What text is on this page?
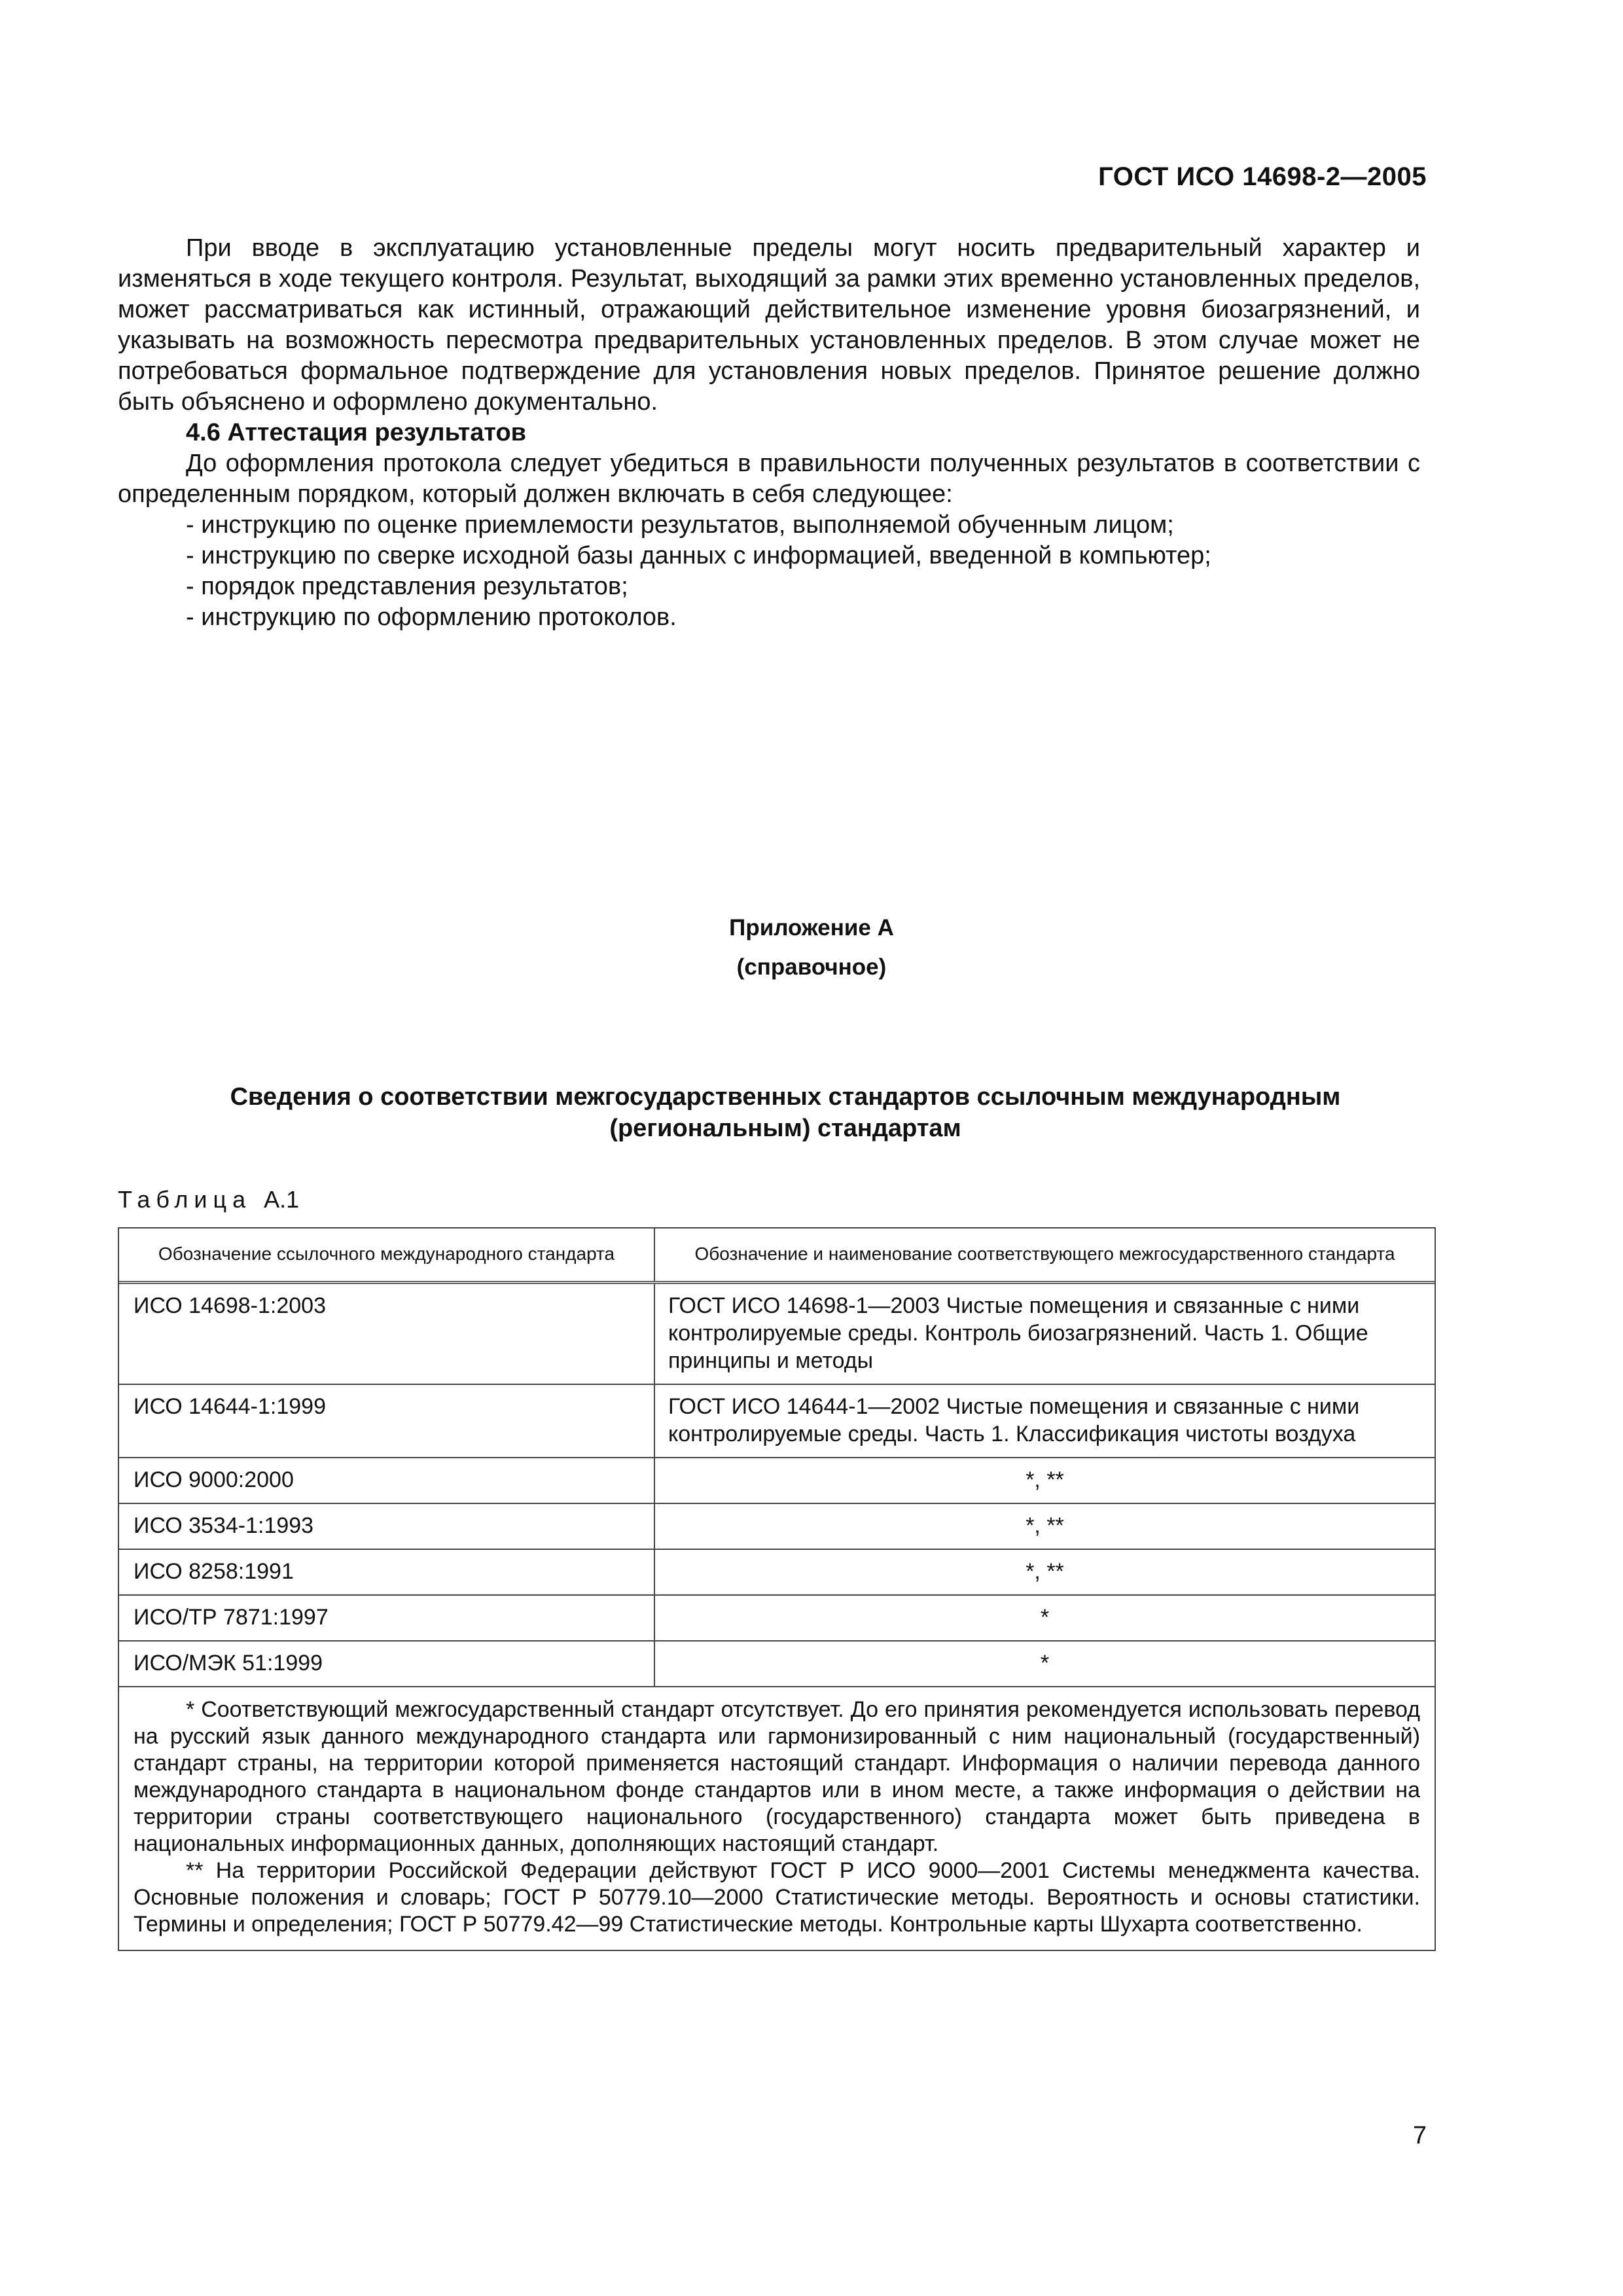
ГОСТ ИСО 14698-2—2005

При вводе в эксплуатацию установленные пределы могут носить предварительный характер и изменяться в ходе текущего контроля. Результат, выходящий за рамки этих временно установленных пределов, может рассматриваться как истинный, отражающий действительное изменение уровня биозагрязнений, и указывать на возможность пересмотра предварительных установленных пределов. В этом случае может не потребоваться формальное подтверждение для установления новых пределов. Принятое решение должно быть объяснено и оформлено документально.

4.6 Аттестация результатов

До оформления протокола следует убедиться в правильности полученных результатов в соответствии с определенным порядком, который должен включать в себя следующее:

- инструкцию по оценке приемлемости результатов, выполняемой обученным лицом;
- инструкцию по сверке исходной базы данных с информацией, введенной в компьютер;
- порядок представления результатов;
- инструкцию по оформлению протоколов.
Приложение А
(справочное)
Сведения о соответствии межгосударственных стандартов ссылочным международным
(региональным) стандартам
Таблица А.1
Обозначение ссылочного международного стандарта	Обозначение и наименование соответствующего межгосударственного стандарта
ИСО 14698-1:2003	ГОСТ ИСО 14698-1—2003 Чистые помещения и связанные с ними контролируемые среды. Контроль биозагрязнений. Часть 1. Общие принципы и методы
ИСО 14644-1:1999	ГОСТ ИСО 14644-1—2002 Чистые помещения и связанные с ними контролируемые среды. Часть 1. Классификация чистоты воздуха
ИСО 9000:2000	*, **
ИСО 3534-1:1993	*, **
ИСО 8258:1991	*, **
ИСО/ТР 7871:1997	*
ИСО/МЭК 51:1999	*

* Соответствующий межгосударственный стандарт отсутствует. До его принятия рекомендуется использовать перевод на русский язык данного международного стандарта или гармонизированный с ним национальный (государственный) стандарт страны, на территории которой применяется настоящий стандарт. Информация о наличии перевода данного международного стандарта в национальном фонде стандартов или в ином месте, а также информация о действии на территории страны соответствующего национального (государственного) стандарта может быть приведена в национальных информационных данных, дополняющих настоящий стандарт.

** На территории Российской Федерации действуют ГОСТ Р ИСО 9000—2001 Системы менеджмента качества. Основные положения и словарь; ГОСТ Р 50779.10—2000 Статистические методы. Вероятность и основы статистики. Термины и определения; ГОСТ Р 50779.42—99 Статистические методы. Контрольные карты Шухарта соответственно.

7
